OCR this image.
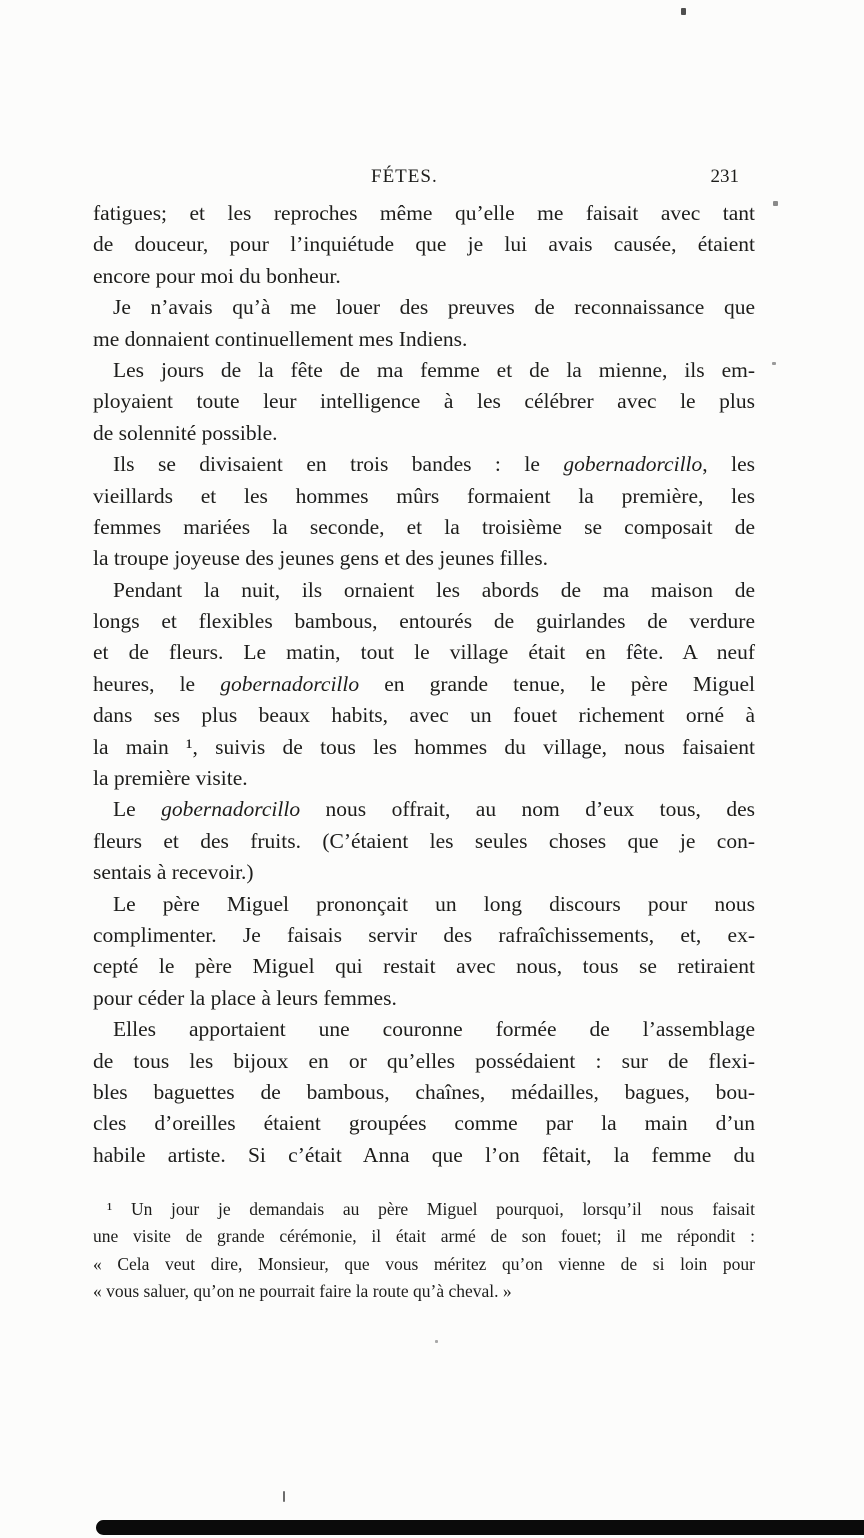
FÉTES.	231
fatigues; et les reproches même qu’elle me faisait avec tant
de douceur, pour l’inquiétude que je lui avais causée, étaient
encore pour moi du bonheur.
Je n’avais qu’à me louer des preuves de reconnaissance que
me donnaient continuellement mes Indiens.
Les jours de la fête de ma femme et de la mienne, ils em-
ployaient toute leur intelligence à les célébrer avec le plus
de solennité possible.
Ils se divisaient en trois bandes : le gobernadorcillo, les
vieillards et les hommes mûrs formaient la première, les
femmes mariées la seconde, et la troisième se composait de
la troupe joyeuse des jeunes gens et des jeunes filles.
Pendant la nuit, ils ornaient les abords de ma maison de
longs et flexibles bambous, entourés de guirlandes de verdure
et de fleurs. Le matin, tout le village était en fête. A neuf
heures, le gobernadorcillo en grande tenue, le père Miguel
dans ses plus beaux habits, avec un fouet richement orné à
la main ¹, suivis de tous les hommes du village, nous faisaient
la première visite.
Le gobernadorcillo nous offrait, au nom d’eux tous, des
fleurs et des fruits. (C’étaient les seules choses que je con-
sentais à recevoir.)
Le père Miguel prononçait un long discours pour nous
complimenter. Je faisais servir des rafraîchissements, et, ex-
cepté le père Miguel qui restait avec nous, tous se retiraient
pour céder la place à leurs femmes.
Elles apportaient une couronne formée de l’assemblage
de tous les bijoux en or qu’elles possédaient : sur de flexi-
bles baguettes de bambous, chaînes, médailles, bagues, bou-
cles d’oreilles étaient groupées comme par la main d’un
habile artiste. Si c’était Anna que l’on fêtait, la femme du
¹ Un jour je demandais au père Miguel pourquoi, lorsqu’il nous faisait
une visite de grande cérémonie, il était armé de son fouet; il me répondit :
« Cela veut dire, Monsieur, que vous méritez qu’on vienne de si loin pour
« vous saluer, qu’on ne pourrait faire la route qu’à cheval. »
